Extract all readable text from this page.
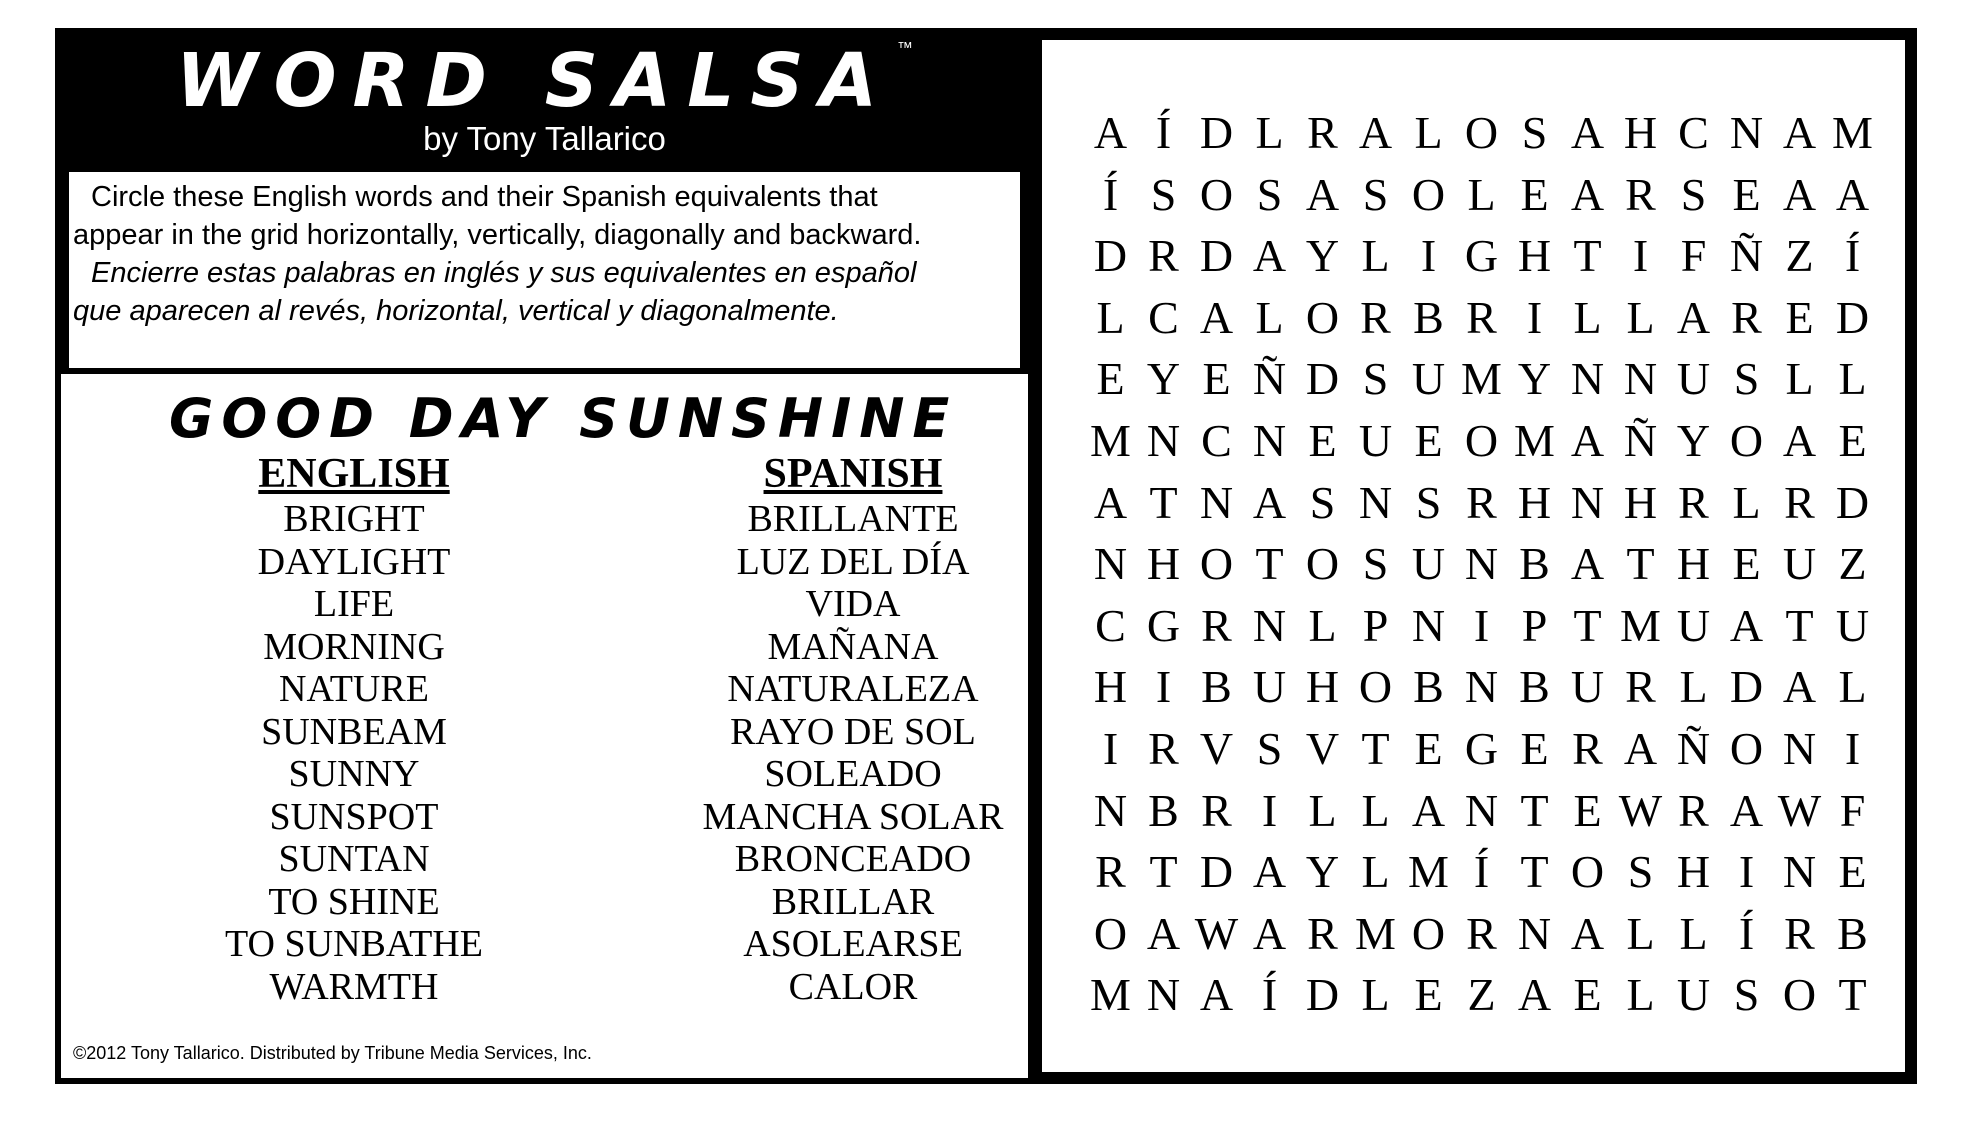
WORD SALSA ™
by Tony Tallarico
Circle these English words and their Spanish equivalents that
appear in the grid horizontally, vertically, diagonally and backward.
Encierre estas palabras en inglés y sus equivalentes en español
que aparecen al revés, horizontal, vertical y diagonalmente.
GOOD DAY SUNSHINE
ENGLISH
BRIGHT
DAYLIGHT
LIFE
MORNING
NATURE
SUNBEAM
SUNNY
SUNSPOT
SUNTAN
TO SHINE
TO SUNBATHE
WARMTH
SPANISH
BRILLANTE
LUZ DEL DÍA
VIDA
MAÑANA
NATURALEZA
RAYO DE SOL
SOLEADO
MANCHA SOLAR
BRONCEADO
BRILLAR
ASOLEARSE
CALOR
©2012 Tony Tallarico. Distributed by Tribune Media Services, Inc.
A Í D L R A L O S A H C N A M
Í S O S A S O L E A R S E A A
D R D A Y L I G H T I F Ñ Z Í
L C A L O R B R I L L A R E D
E Y E Ñ D S U M Y N N U S L L
M N C N E U E O M A Ñ Y O A E
A T N A S N S R H N H R L R D
N H O T O S U N B A T H E U Z
C G R N L P N I P T M U A T U
H I B U H O B N B U R L D A L
I R V S V T E G E R A Ñ O N I
N B R I L L A N T E W R A W F
R T D A Y L M Í T O S H I N E
O A W A R M O R N A L L Í R B
M N A Í D L E Z A E L U S O T
